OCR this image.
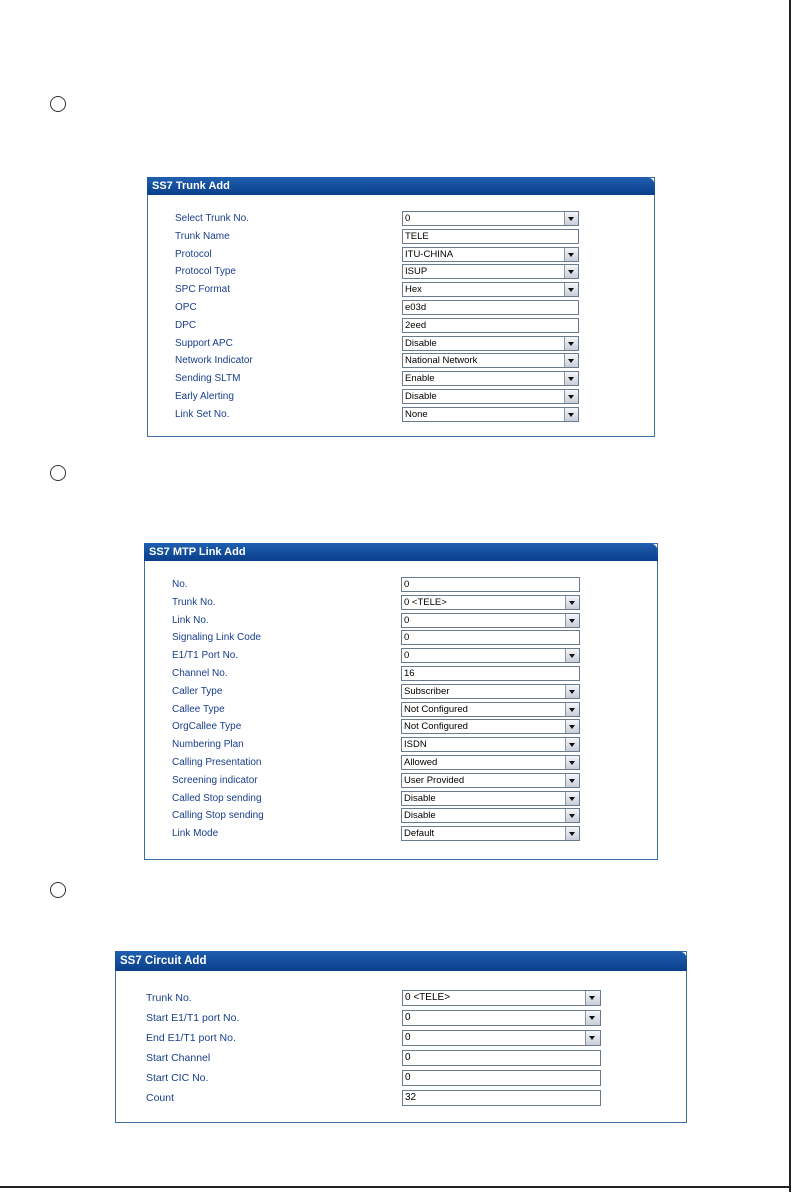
SS7 Trunk Add
Select Trunk No.	0
Trunk Name	TELE
Protocol	ITU-CHINA
Protocol Type	ISUP
SPC Format	Hex
OPC	e03d
DPC	2eed
Support APC	Disable
Network Indicator	National Network
Sending SLTM	Enable
Early Alerting	Disable
Link Set No.	None
SS7 MTP Link Add
No.	0
Trunk No.	0 <TELE>
Link No.	0
Signaling Link Code	0
E1/T1 Port No.	0
Channel No.	16
Caller Type	Subscriber
Callee Type	Not Configured
OrgCallee Type	Not Configured
Numbering Plan	ISDN
Calling Presentation	Allowed
Screening indicator	User Provided
Called Stop sending	Disable
Calling Stop sending	Disable
Link Mode	Default
SS7 Circuit Add
Trunk No.	0 <TELE>
Start E1/T1 port No.	0
End E1/T1 port No.	0
Start Channel	0
Start CIC No.	0
Count	32
